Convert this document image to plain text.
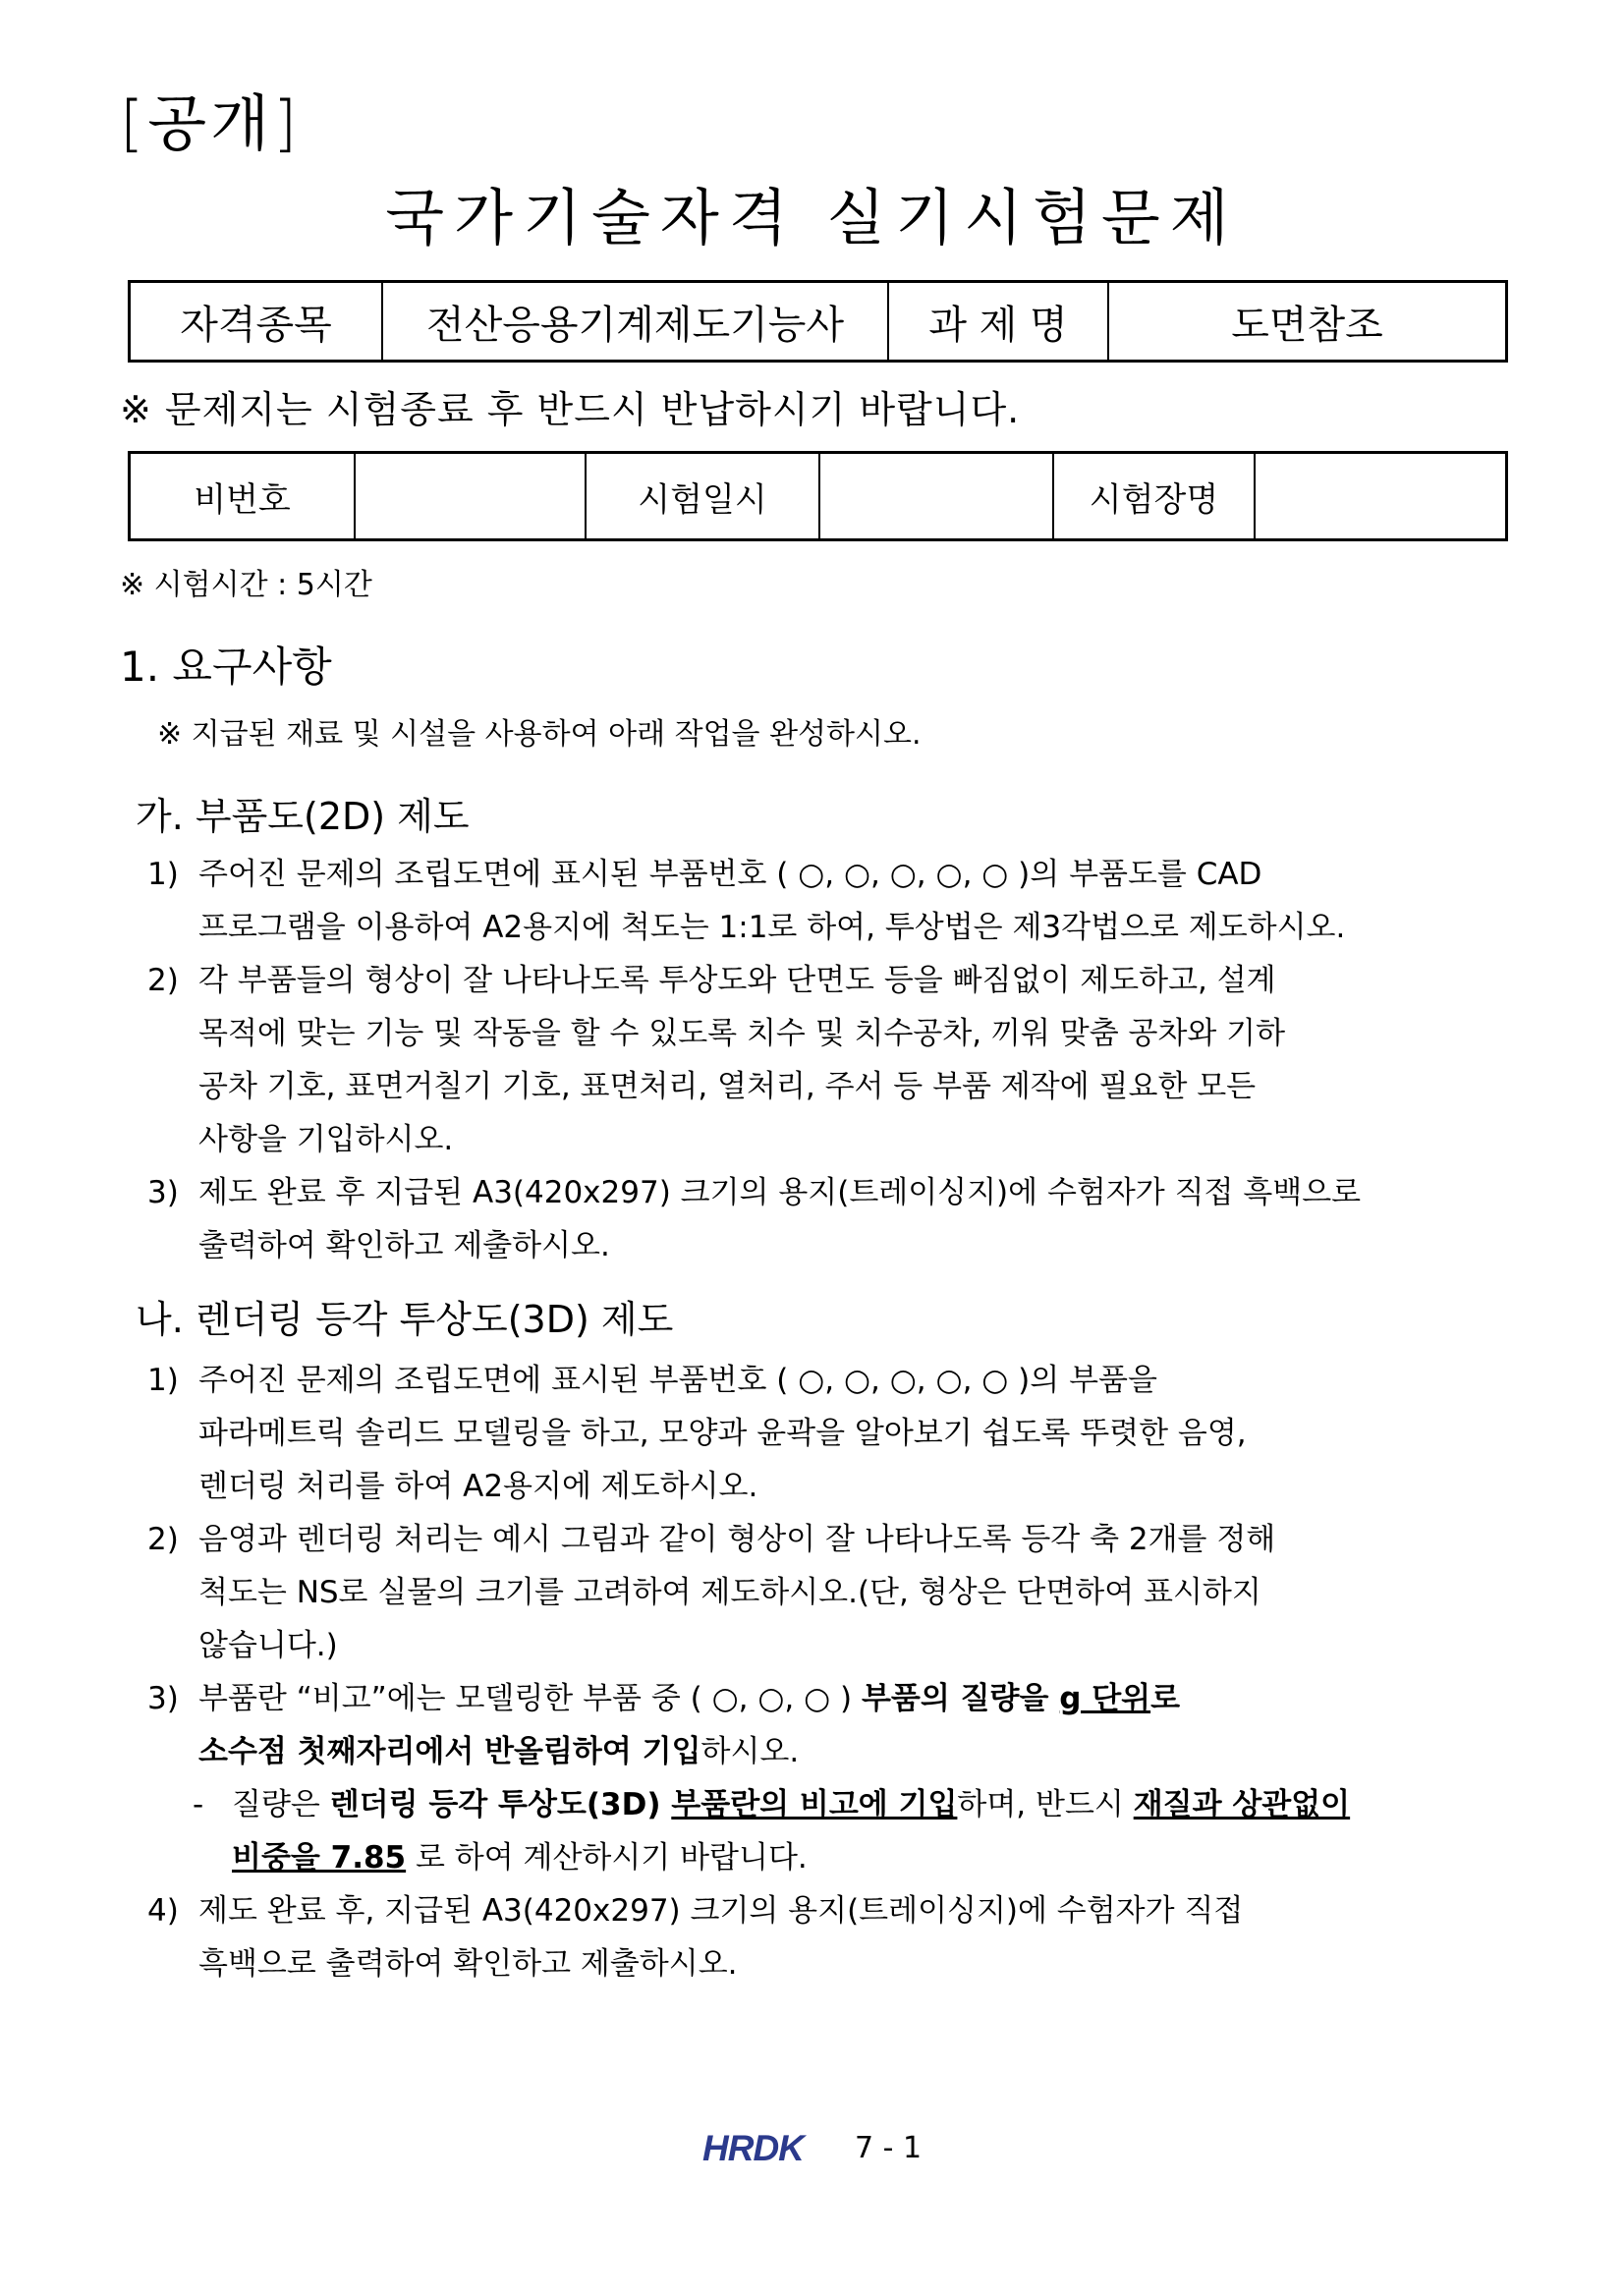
[공개]
국가기술자격 실기시험문제
자격종목	전산응용기계제도기능사	과 제 명	도면참조
※ 문제지는 시험종료 후 반드시 반납하시기 바랍니다.
비번호		시험일시		시험장명	
※ 시험시간 : 5시간
1. 요구사항
※ 지급된 재료 및 시설을 사용하여 아래 작업을 완성하시오.
가. 부품도(2D) 제도
1) 주어진 문제의 조립도면에 표시된 부품번호 ( ○, ○, ○, ○, ○ )의 부품도를 CAD
프로그램을 이용하여 A2용지에 척도는 1:1로 하여, 투상법은 제3각법으로 제도하시오.
2) 각 부품들의 형상이 잘 나타나도록 투상도와 단면도 등을 빠짐없이 제도하고, 설계
목적에 맞는 기능 및 작동을 할 수 있도록 치수 및 치수공차, 끼워 맞춤 공차와 기하
공차 기호, 표면거칠기 기호, 표면처리, 열처리, 주서 등 부품 제작에 필요한 모든
사항을 기입하시오.
3) 제도 완료 후 지급된 A3(420x297) 크기의 용지(트레이싱지)에 수험자가 직접 흑백으로
출력하여 확인하고 제출하시오.
나. 렌더링 등각 투상도(3D) 제도
1) 주어진 문제의 조립도면에 표시된 부품번호 ( ○, ○, ○, ○, ○ )의 부품을
파라메트릭 솔리드 모델링을 하고, 모양과 윤곽을 알아보기 쉽도록 뚜렷한 음영,
렌더링 처리를 하여 A2용지에 제도하시오.
2) 음영과 렌더링 처리는 예시 그림과 같이 형상이 잘 나타나도록 등각 축 2개를 정해
척도는 NS로 실물의 크기를 고려하여 제도하시오.(단, 형상은 단면하여 표시하지
않습니다.)
3) 부품란 “비고”에는 모델링한 부품 중 ( ○, ○, ○ ) 부품의 질량을 g 단위로
소수점 첫째자리에서 반올림하여 기입하시오.
- 질량은 렌더링 등각 투상도(3D) 부품란의 비고에 기입하며, 반드시 재질과 상관없이
비중을 7.85 로 하여 계산하시기 바랍니다.
4) 제도 완료 후, 지급된 A3(420x297) 크기의 용지(트레이싱지)에 수험자가 직접
흑백으로 출력하여 확인하고 제출하시오.
HRDK 7 - 1
